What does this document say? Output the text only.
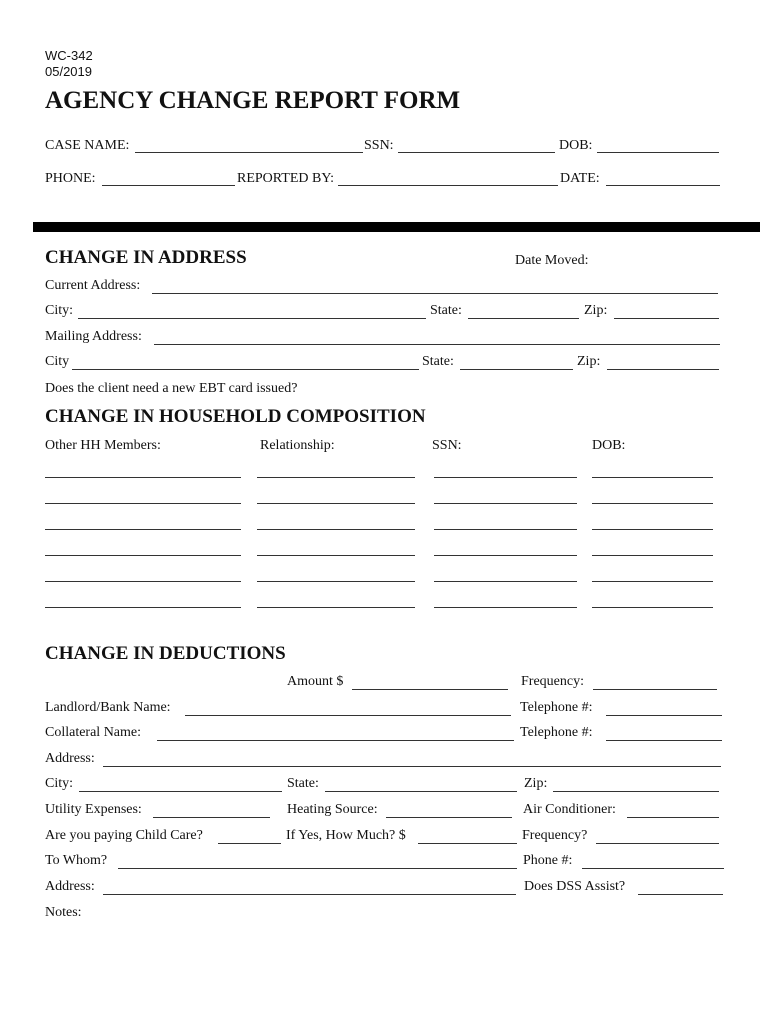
WC-342
05/2019
AGENCY CHANGE REPORT FORM
CASE NAME:	SSN:	DOB:
PHONE:	REPORTED BY:	DATE:
CHANGE IN ADDRESS	Date Moved:
Current Address:
City:	State:	Zip:
Mailing Address:
City	State:	Zip:
Does the client need a new EBT card issued?
CHANGE IN HOUSEHOLD COMPOSITION
Other HH Members:	Relationship:	SSN:	DOB:
CHANGE IN DEDUCTIONS
Amount $	Frequency:
Landlord/Bank Name:	Telephone #:
Collateral Name:	Telephone #:
Address:
City:	State:	Zip:
Utility Expenses:	Heating Source:	Air Conditioner:
Are you paying Child Care?	If Yes, How Much? $	Frequency?
To Whom?	Phone #:
Address:	Does DSS Assist?
Notes:
